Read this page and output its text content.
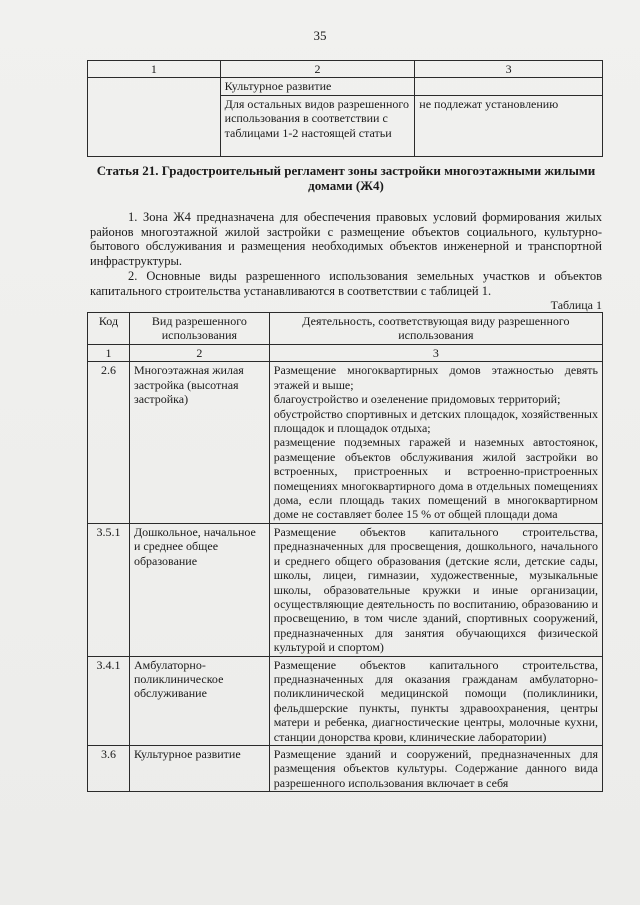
35
1	2	3
	Культурное развитие	
	Для остальных видов разрешенного использования в соответствии с таблицами 1-2 настоящей статьи	не подлежат установлению
Статья 21. Градостроительный регламент зоны застройки многоэтажными жилыми домами (Ж4)
1. Зона Ж4 предназначена для обеспечения правовых условий формирования жилых районов многоэтажной жилой застройки с размещение объектов социального, культурно-бытового обслуживания и размещения необходимых объектов инженерной и транспортной инфраструктуры.
2. Основные виды разрешенного использования земельных участков и объектов капитального строительства устанавливаются в соответствии с таблицей 1.
Таблица 1
Код	Вид разрешенного использования	Деятельность, соответствующая виду разрешенного использования
1	2	3
2.6	Многоэтажная жилая застройка (высотная застройка)	Размещение многоквартирных домов этажностью девять этажей и выше;
благоустройство и озеленение придомовых территорий;
обустройство спортивных и детских площадок, хозяйственных площадок и площадок отдыха;
размещение подземных гаражей и наземных автостоянок, размещение объектов обслуживания жилой застройки во встроенных, пристроенных и встроенно-пристроенных помещениях многоквартирного дома в отдельных помещениях дома, если площадь таких помещений в многоквартирном доме не составляет более 15 % от общей площади дома

3.5.1	Дошкольное, начальное и среднее общее образование	Размещение объектов капитального строительства, предназначенных для просвещения, дошкольного, начального и среднего общего образования (детские ясли, детские сады, школы, лицеи, гимназии, художественные, музыкальные школы, образовательные кружки и иные организации, осуществляющие деятельность по воспитанию, образованию и просвещению, в том числе зданий, спортивных сооружений, предназначенных для занятия обучающихся физической культурой и спортом)

3.4.1	Амбулаторно-поликлиническое обслуживание	Размещение объектов капитального строительства, предназначенных для оказания гражданам амбулаторно-поликлинической медицинской помощи (поликлиники, фельдшерские пункты, пункты здравоохранения, центры матери и ребенка, диагностические центры, молочные кухни, станции донорства крови, клинические лаборатории)

3.6	Культурное развитие	Размещение зданий и сооружений, предназначенных для размещения объектов культуры. Содержание данного вида разрешенного использования включает в себя
